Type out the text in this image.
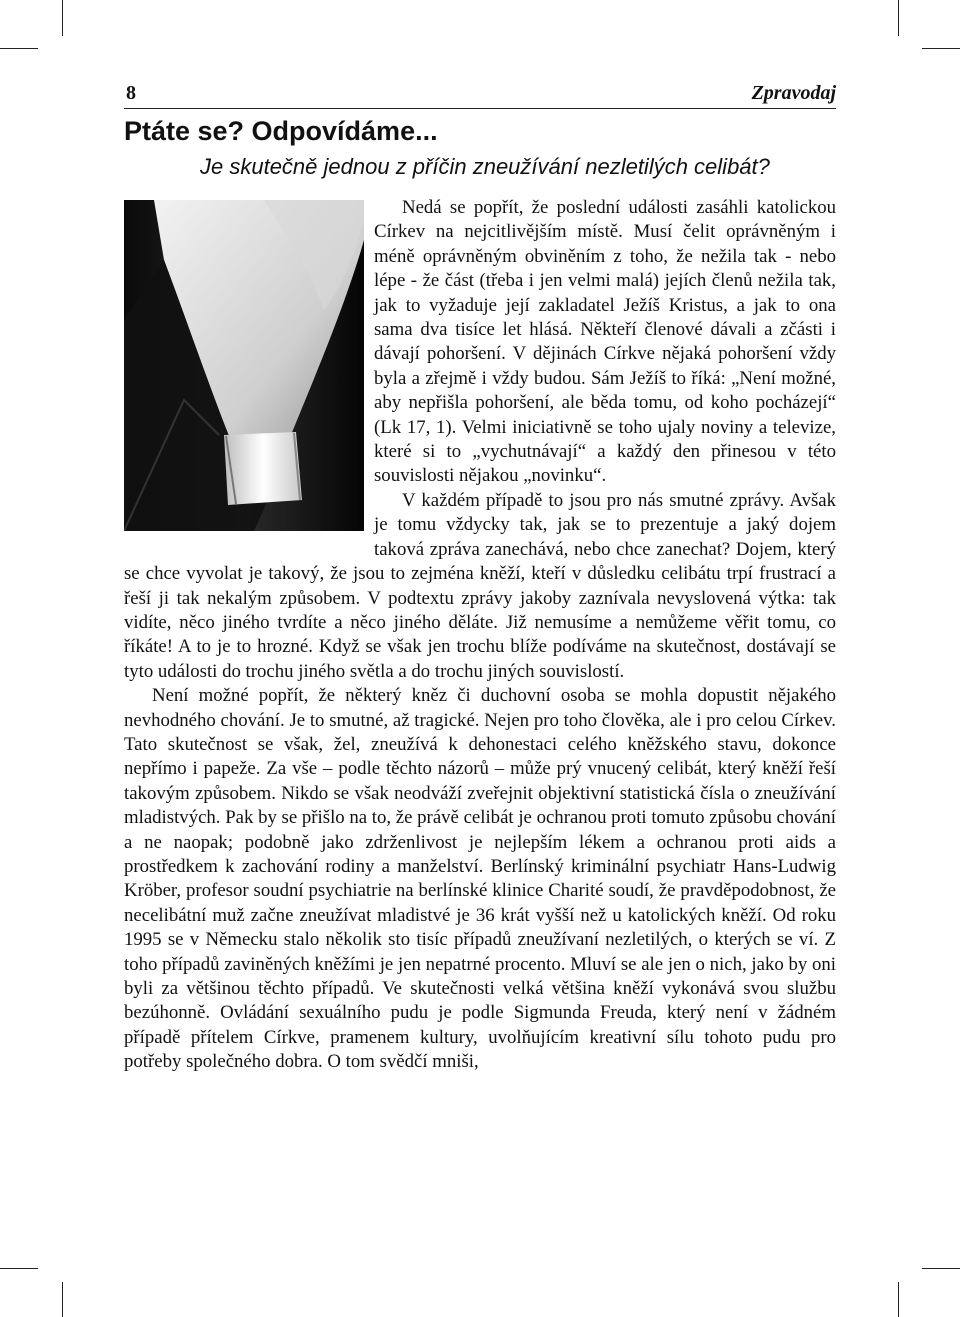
8	Zpravodaj
Ptáte se? Odpovídáme...
Je skutečně jednou z příčin zneužívání nezletilých celibát?

Nedá se popřít, že poslední události zasáhli katolickou Církev na nejcitlivějším místě. Musí čelit oprávněným i méně oprávněným obviněním z toho, že nežila tak - nebo lépe - že část (třeba i jen velmi malá) jejích členů nežila tak, jak to vyžaduje její zakladatel Ježíš Kristus, a jak to ona sama dva tisíce let hlásá. Někteří členové dávali a zčásti i dávají pohoršení. V dějinách Církve nějaká pohoršení vždy byla a zřejmě i vždy budou. Sám Ježíš to říká: „Není možné, aby nepřišla pohoršení, ale běda tomu, od koho pocházejí“ (Lk 17, 1). Velmi iniciativně se toho ujaly noviny a televize, které si to „vychutnávají“ a každý den přinesou v této souvislosti nějakou „novinku“.

V každém případě to jsou pro nás smutné zprávy. Avšak je tomu vždycky tak, jak se to prezentuje a jaký dojem taková zpráva zanechává, nebo chce zanechat? Dojem, který se chce vyvolat je takový, že jsou to zejména kněží, kteří v důsledku celibátu trpí frustrací a řeší ji tak nekalým způsobem. V podtextu zprávy jakoby zaznívala nevyslovená výtka: tak vidíte, něco jiného tvrdíte a něco jiného děláte. Již nemusíme a nemůžeme věřit tomu, co říkáte! A to je to hrozné. Když se však jen trochu blíže podíváme na skutečnost, dostávají se tyto události do trochu jiného světla a do trochu jiných souvislostí.

Není možné popřít, že některý kněz či duchovní osoba se mohla dopustit nějakého nevhodného chování. Je to smutné, až tragické. Nejen pro toho člověka, ale i pro celou Církev. Tato skutečnost se však, žel, zneužívá k dehonestaci celého kněžského stavu, dokonce nepřímo i papeže. Za vše – podle těchto názorů – může prý vnucený celibát, který kněží řeší takovým způsobem. Nikdo se však neodváží zveřejnit objektivní statistická čísla o zneužívání mladistvých. Pak by se přišlo na to, že právě celibát je ochranou proti tomuto způsobu chování a ne naopak; podobně jako zdrženlivost je nejlepším lékem a ochranou proti aids a prostředkem k zachování rodiny a manželství. Berlínský kriminální psychiatr Hans-Ludwig Kröber, profesor soudní psychiatrie na berlínské klinice Charité soudí, že pravděpodobnost, že necelibátní muž začne zneužívat mladistvé je 36 krát vyšší než u katolických kněží. Od roku 1995 se v Německu stalo několik sto tisíc případů zneužívaní nezletilých, o kterých se ví. Z toho případů zaviněných kněžími je jen nepatrné procento. Mluví se ale jen o nich, jako by oni byli za většinou těchto případů. Ve skutečnosti velká většina kněží vykonává svou službu bezúhonně. Ovládání sexuálního pudu je podle Sigmunda Freuda, který není v žádném případě přítelem Církve, pramenem kultury, uvolňujícím kreativní sílu tohoto pudu pro potřeby společného dobra. O tom svědčí mniši,
